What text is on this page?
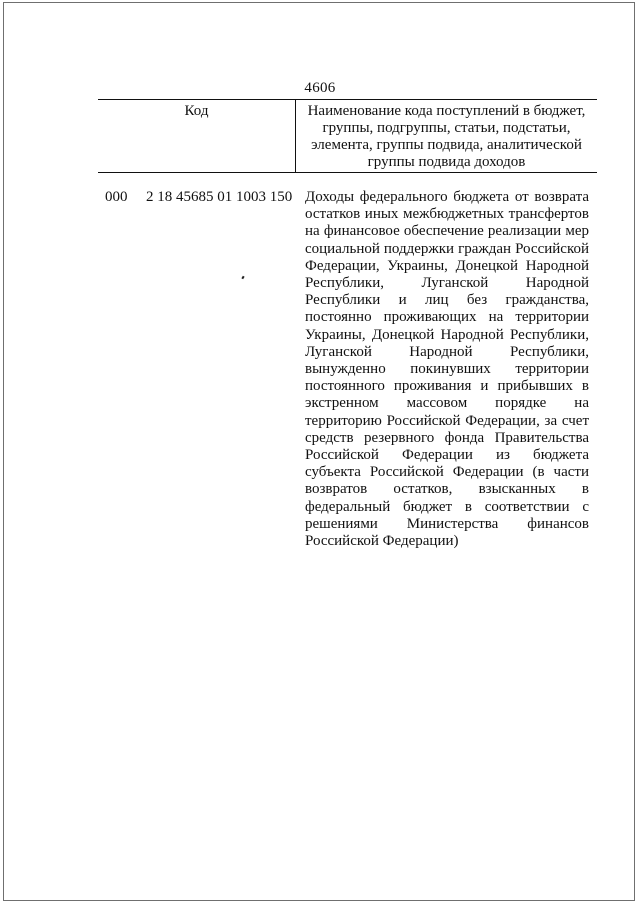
4606
Код	Наименование кода поступлений в бюджет, группы, подгруппы, статьи, подстатьи, элемента, группы подвида, аналитической группы подвида доходов
000 2 18 45685 01 1003 150 Доходы федерального бюджета от возврата остатков иных межбюджетных трансфертов на финансовое обеспечение реализации мер социальной поддержки граждан Российской Федерации, Украины, Донецкой Народной Республики, Луганской Народной Республики и лиц без гражданства, постоянно проживающих на территории Украины, Донецкой Народной Республики, Луганской Народной Республики, вынужденно покинувших территории постоянного проживания и прибывших в экстренном массовом порядке на территорию Российской Федерации, за счет средств резервного фонда Правительства Российской Федерации из бюджета субъекта Российской Федерации (в части возвратов остатков, взысканных в федеральный бюджет в соответствии с решениями Министерства финансов Российской Федерации)
